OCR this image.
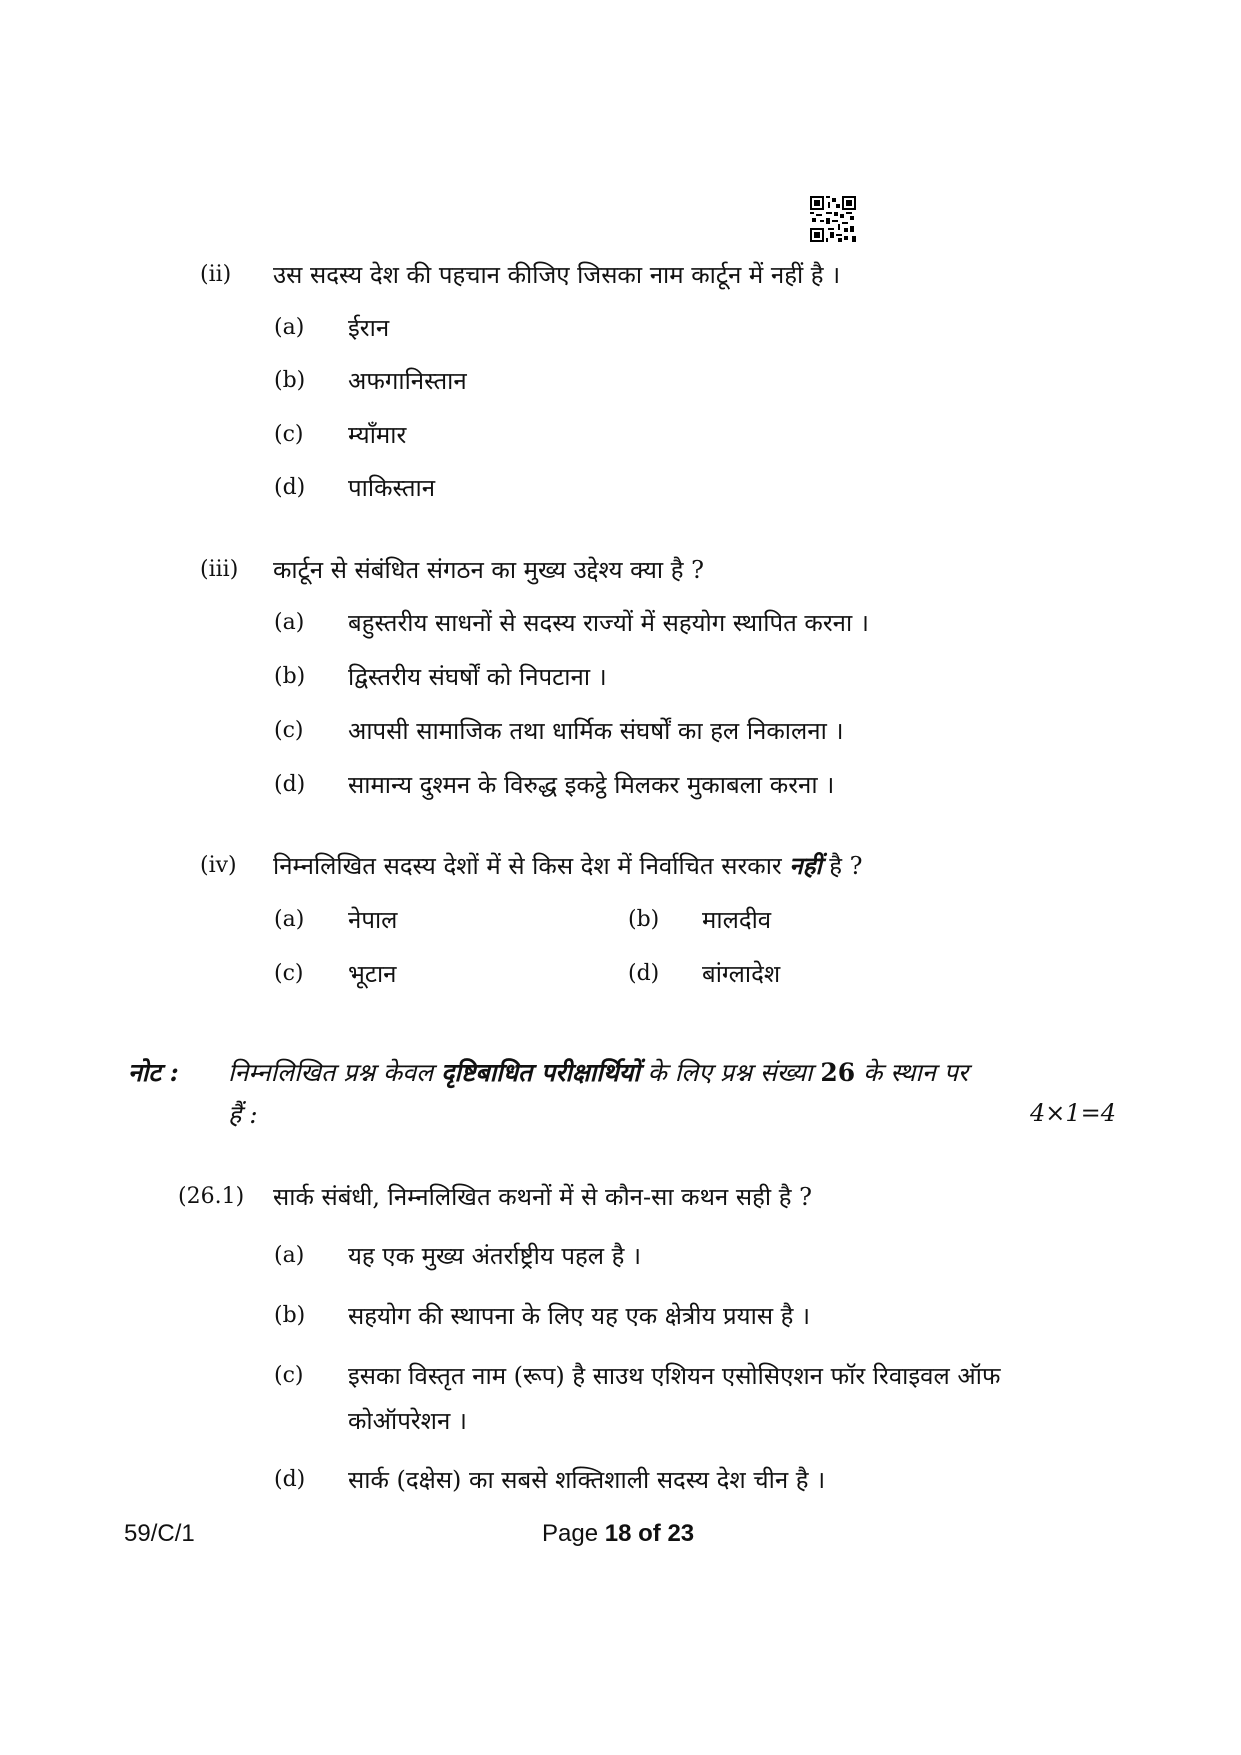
(ii) उस सदस्य देश की पहचान कीजिए जिसका नाम कार्टून में नहीं है ।
(a) ईरान
(b) अफगानिस्तान
(c) म्याँमार
(d) पाकिस्तान
(iii) कार्टून से संबंधित संगठन का मुख्य उद्देश्य क्या है ?
(a) बहुस्तरीय साधनों से सदस्य राज्यों में सहयोग स्थापित करना ।
(b) द्विस्तरीय संघर्षों को निपटाना ।
(c) आपसी सामाजिक तथा धार्मिक संघर्षों का हल निकालना ।
(d) सामान्य दुश्मन के विरुद्ध इकट्ठे मिलकर मुकाबला करना ।
(iv) निम्नलिखित सदस्य देशों में से किस देश में निर्वाचित सरकार नहीं है ?
(a) नेपाल	(b) मालदीव
(c) भूटान	(d) बांग्लादेश
नोट : निम्नलिखित प्रश्न केवल दृष्टिबाधित परीक्षार्थियों के लिए प्रश्न संख्या 26 के स्थान पर
हैं :	4×1=4
(26.1) सार्क संबंधी, निम्नलिखित कथनों में से कौन-सा कथन सही है ?
(a) यह एक मुख्य अंतर्राष्ट्रीय पहल है ।
(b) सहयोग की स्थापना के लिए यह एक क्षेत्रीय प्रयास है ।
(c) इसका विस्तृत नाम (रूप) है साउथ एशियन एसोसिएशन फॉर रिवाइवल ऑफ
कोऑपरेशन ।
(d) सार्क (दक्षेस) का सबसे शक्तिशाली सदस्य देश चीन है ।
59/C/1	Page 18 of 23
